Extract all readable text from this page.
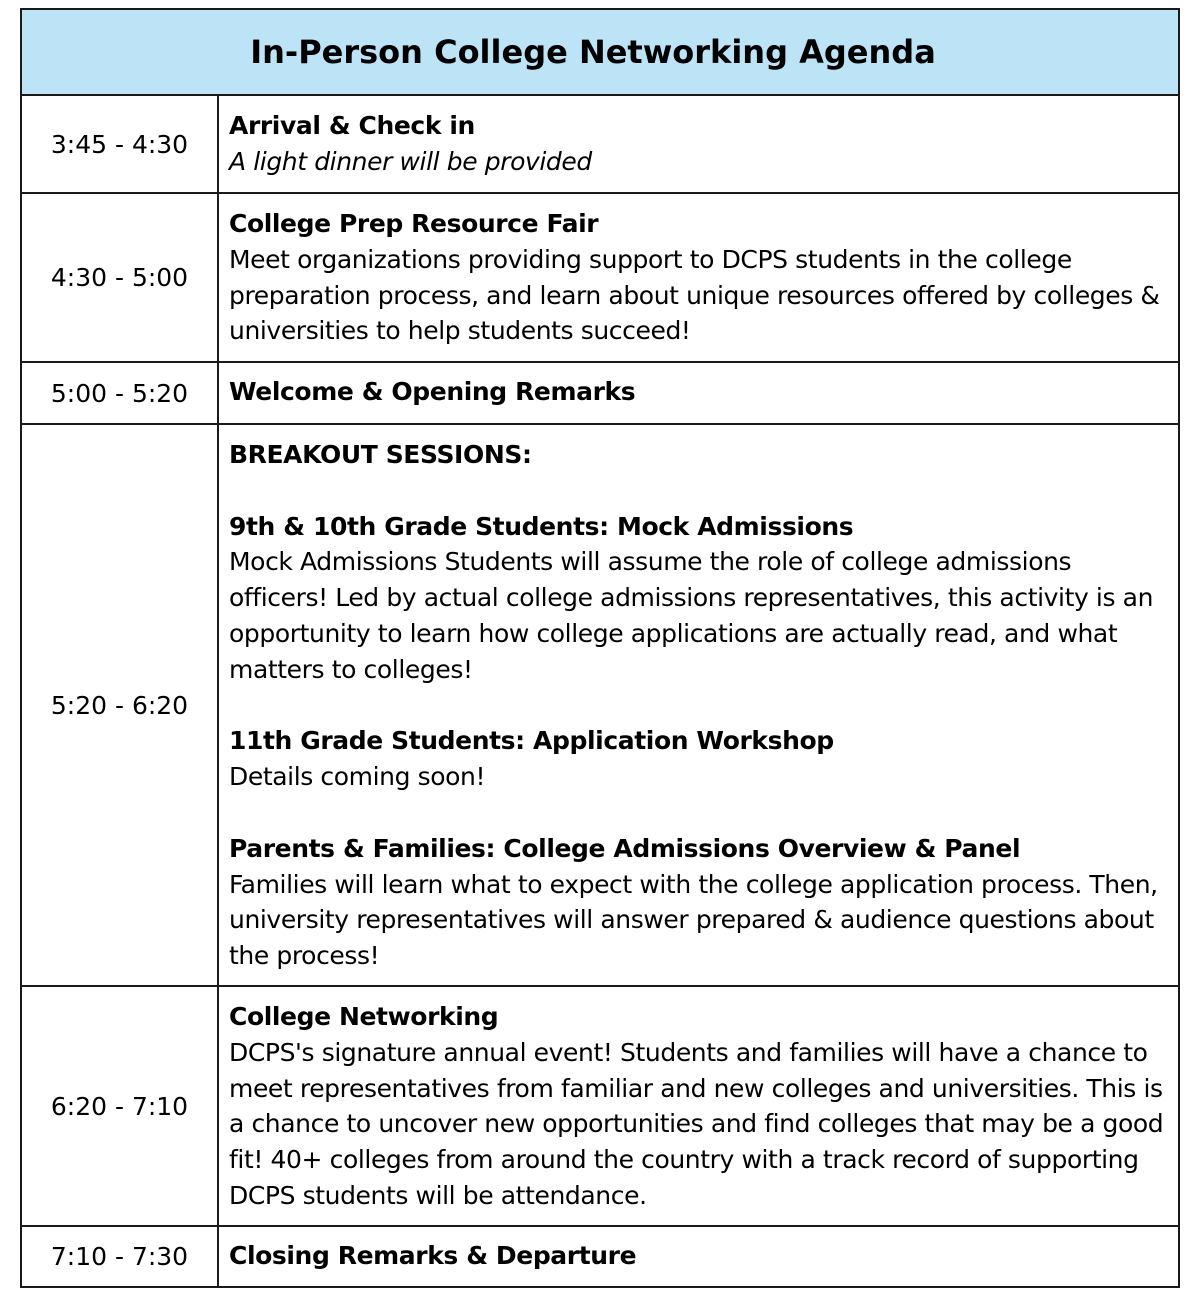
In-Person College Networking Agenda
3:45 - 4:30
Arrival & Check in
A light dinner will be provided
4:30 - 5:00
College Prep Resource Fair
Meet organizations providing support to DCPS students in the college preparation process, and learn about unique resources offered by colleges & universities to help students succeed!
5:00 - 5:20	Welcome & Opening Remarks
5:20 - 6:20
BREAKOUT SESSIONS:
9th & 10th Grade Students: Mock Admissions
Mock Admissions Students will assume the role of college admissions officers! Led by actual college admissions representatives, this activity is an opportunity to learn how college applications are actually read, and what matters to colleges!
11th Grade Students: Application Workshop
Details coming soon!
Parents & Families: College Admissions Overview & Panel
Families will learn what to expect with the college application process. Then, university representatives will answer prepared & audience questions about the process!
6:20 - 7:10
College Networking
DCPS's signature annual event! Students and families will have a chance to meet representatives from familiar and new colleges and universities. This is a chance to uncover new opportunities and find colleges that may be a good fit! 40+ colleges from around the country with a track record of supporting DCPS students will be attendance.
7:10 - 7:30	Closing Remarks & Departure
